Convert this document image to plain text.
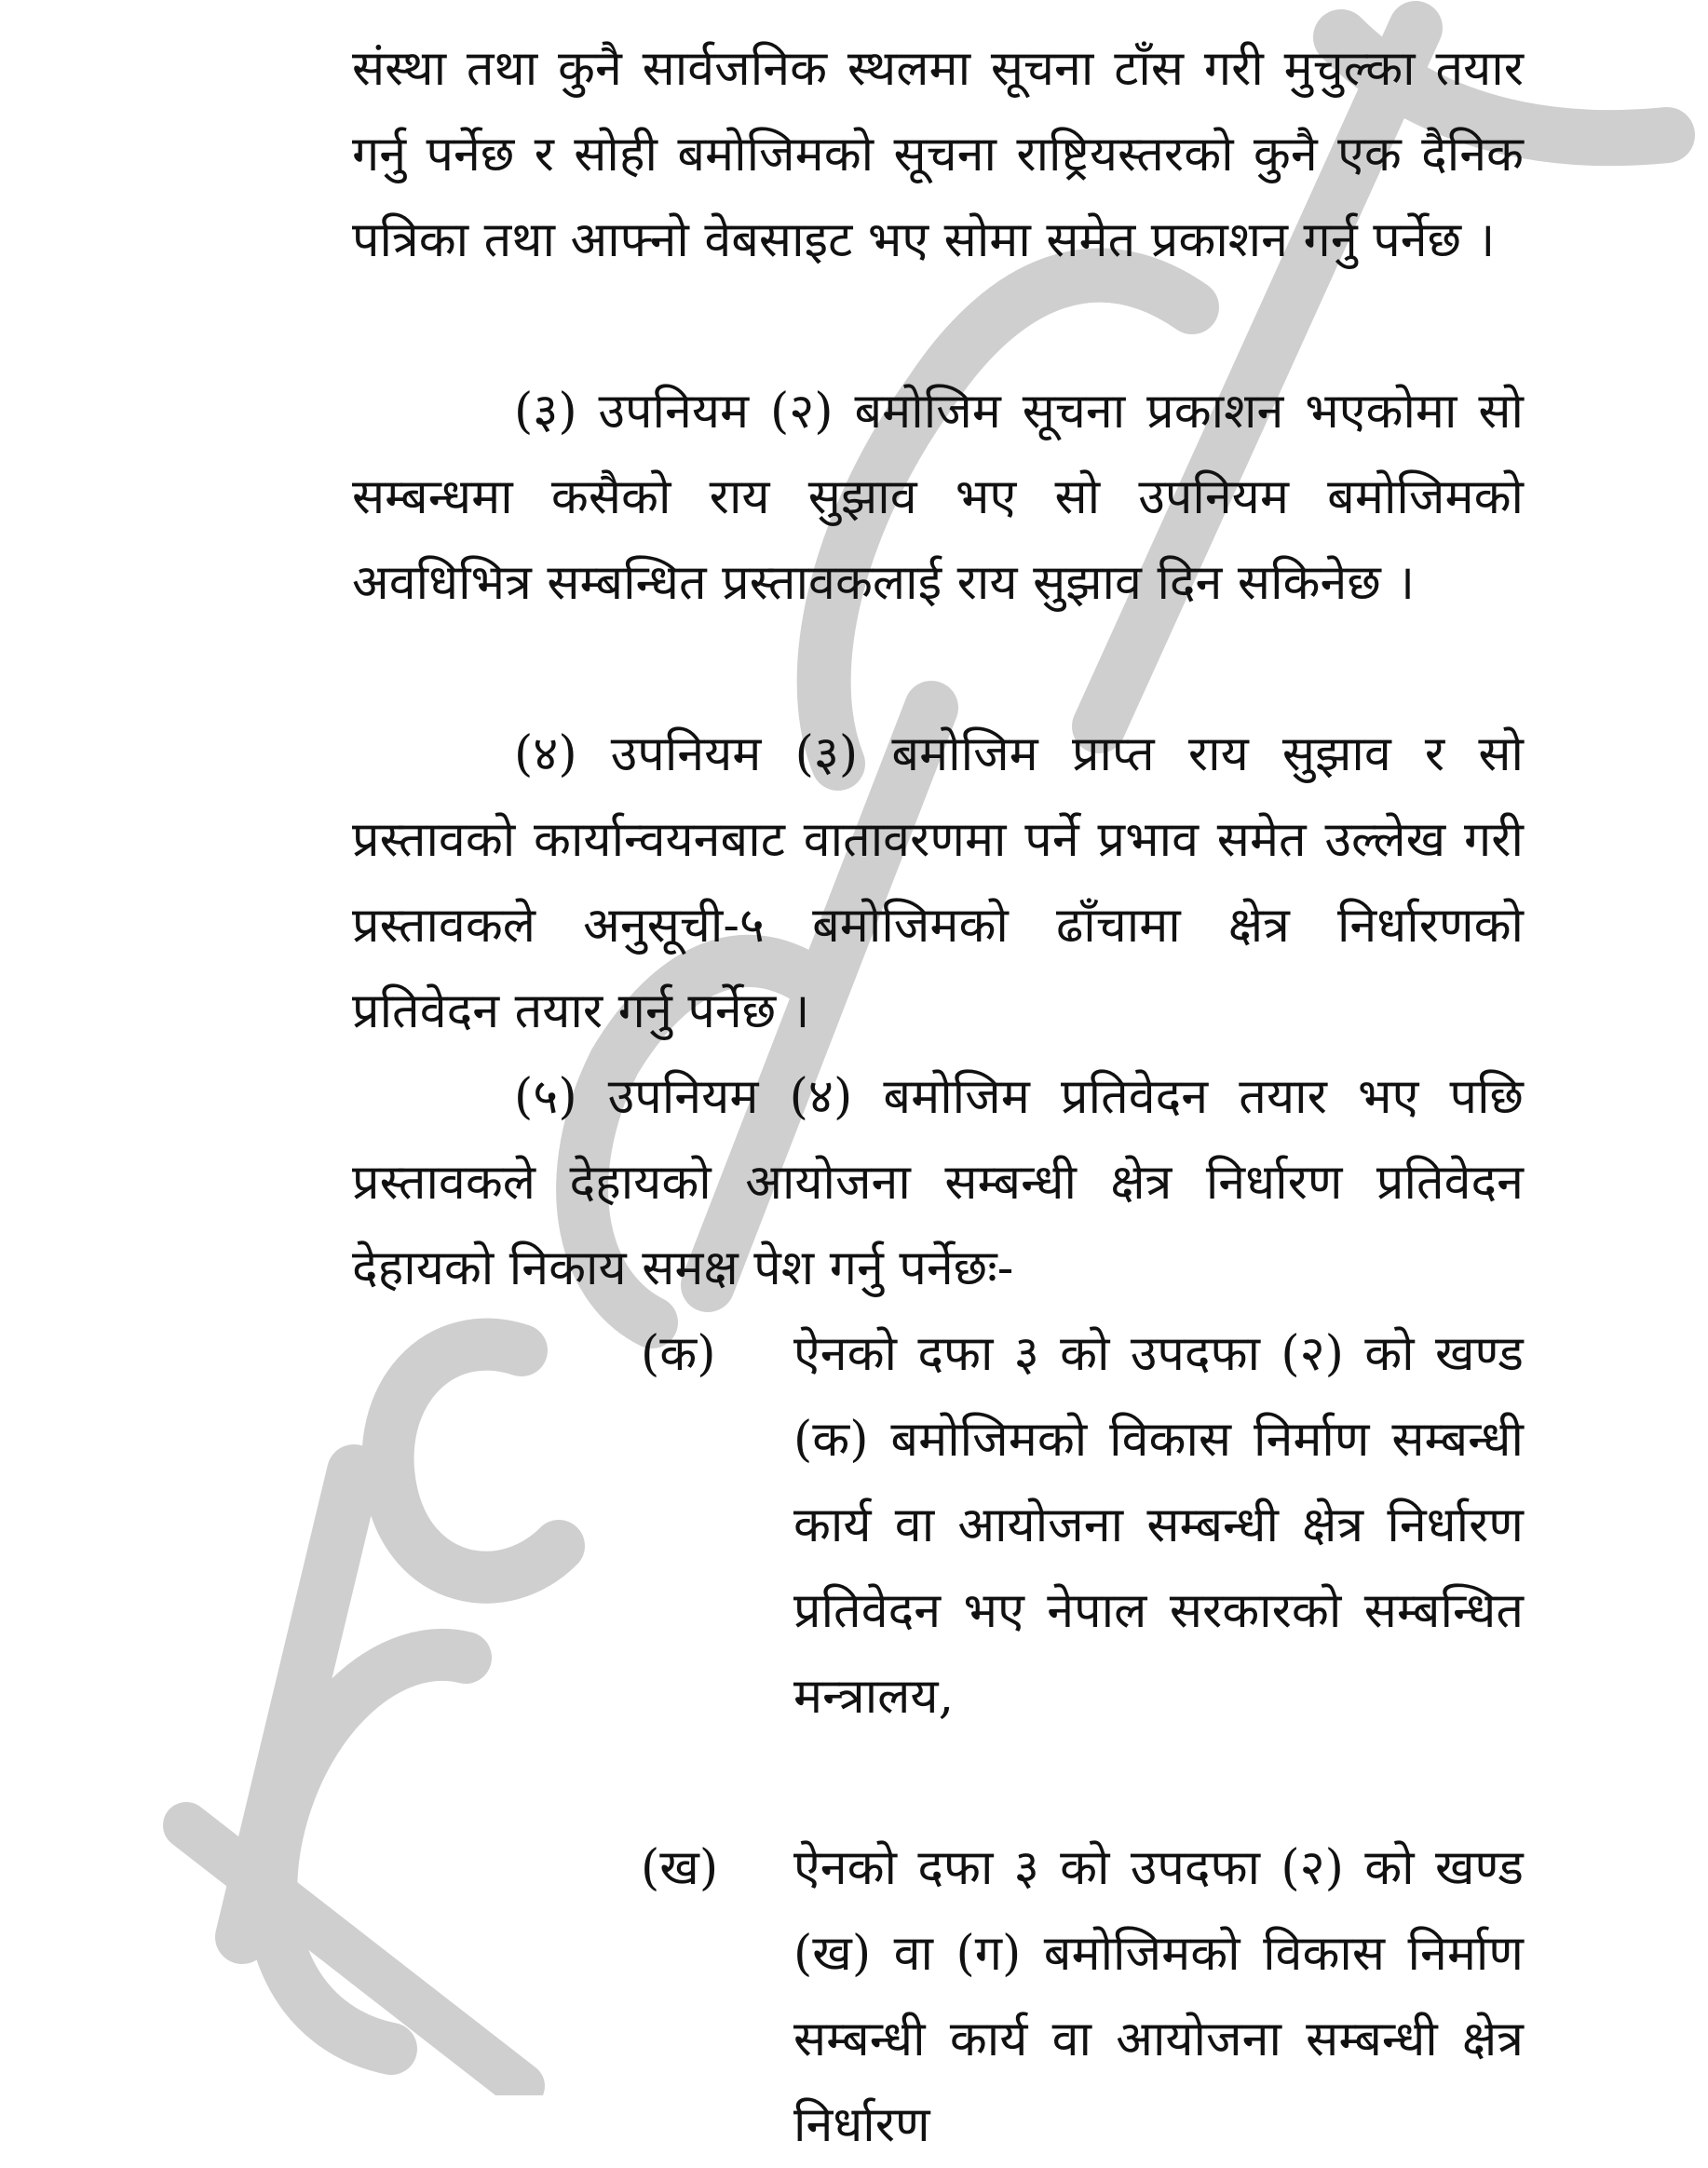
संस्था तथा कुनै सार्वजनिक स्थलमा सूचना टाँस गरी मुचुल्का तयार गर्नु पर्नेछ र सोही बमोजिमको सूचना राष्ट्रियस्तरको कुनै एक दैनिक पत्रिका तथा आफ्नो वेबसाइट भए सोमा समेत प्रकाशन गर्नु पर्नेछ ।
(३) उपनियम (२) बमोजिम सूचना प्रकाशन भएकोमा सो सम्बन्धमा कसैको राय सुझाव भए सो उपनियम बमोजिमको अवधिभित्र सम्बन्धित प्रस्तावकलाई राय सुझाव दिन सकिनेछ ।
(४) उपनियम (३) बमोजिम प्राप्त राय सुझाव र सो प्रस्तावको कार्यान्वयनबाट वातावरणमा पर्ने प्रभाव समेत उल्लेख गरी प्रस्तावकले अनुसूची-५ बमोजिमको ढाँचामा क्षेत्र निर्धारणको प्रतिवेदन तयार गर्नु पर्नेछ ।
(५) उपनियम (४) बमोजिम प्रतिवेदन तयार भए पछि प्रस्तावकले देहायको आयोजना सम्बन्धी क्षेत्र निर्धारण प्रतिवेदन देहायको निकाय समक्ष पेश गर्नु पर्नेछः-
(क)	ऐनको दफा ३ को उपदफा (२) को खण्ड (क) बमोजिमको विकास निर्माण सम्बन्धी कार्य वा आयोजना सम्बन्धी क्षेत्र निर्धारण प्रतिवेदन भए नेपाल सरकारको सम्बन्धित मन्त्रालय,
(ख)	ऐनको दफा ३ को उपदफा (२) को खण्ड (ख) वा (ग) बमोजिमको विकास निर्माण सम्बन्धी कार्य वा आयोजना सम्बन्धी क्षेत्र निर्धारण
